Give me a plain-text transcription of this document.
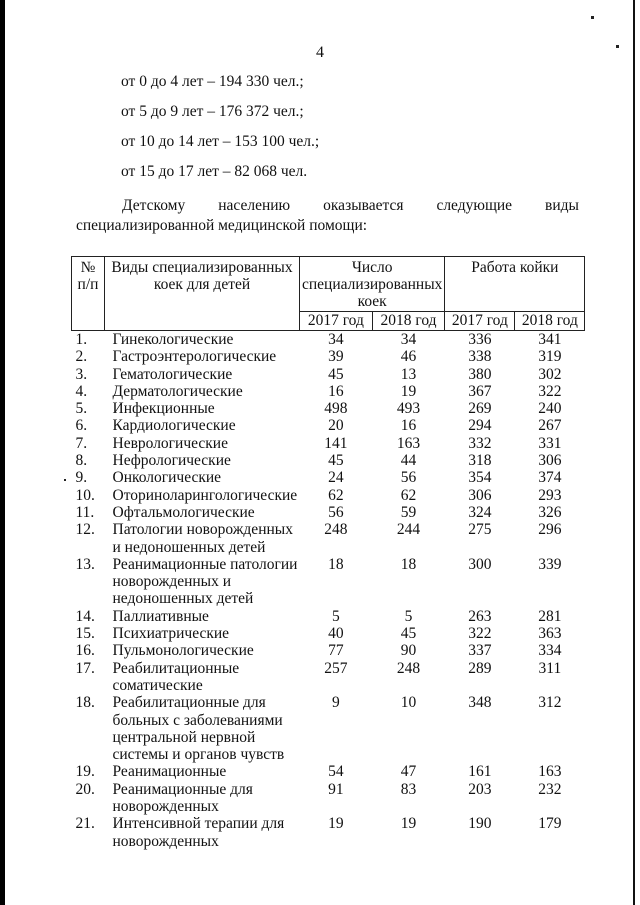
4
от 0 до 4 лет – 194 330 чел.;
от 5 до 9 лет – 176 372 чел.;
от 10 до 14 лет – 153 100 чел.;
от 15 до 17 лет – 82 068 чел.
Детскому населению оказывается следующие виды
специализированной медицинской помощи:
№ п/п	Виды специализированных коек для детей	Число специализированных коек		Работа койки	
		2017 год	2018 год	2017 год	2018 год
1.	Гинекологические	34	34	336	341
2.	Гастроэнтерологические	39	46	338	319
3.	Гематологические	45	13	380	302
4.	Дерматологические	16	19	367	322
5.	Инфекционные	498	493	269	240
6.	Кардиологические	20	16	294	267
7.	Неврологические	141	163	332	331
8.	Нефрологические	45	44	318	306
9.	Онкологические	24	56	354	374
10.	Оториноларингологические	62	62	306	293
11.	Офтальмологические	56	59	324	326
12.	Патологии новорожденных и недоношенных детей	248	244	275	296
13.	Реанимационные патологии новорожденных и недоношенных детей	18	18	300	339
14.	Паллиативные	5	5	263	281
15.	Психиатрические	40	45	322	363
16.	Пульмонологические	77	90	337	334
17.	Реабилитационные соматические	257	248	289	311
18.	Реабилитационные для больных с заболеваниями центральной нервной системы и органов чувств	9	10	348	312
19.	Реанимационные	54	47	161	163
20.	Реанимационные для новорожденных	91	83	203	232
21.	Интенсивной терапии для новорожденных	19	19	190	179
